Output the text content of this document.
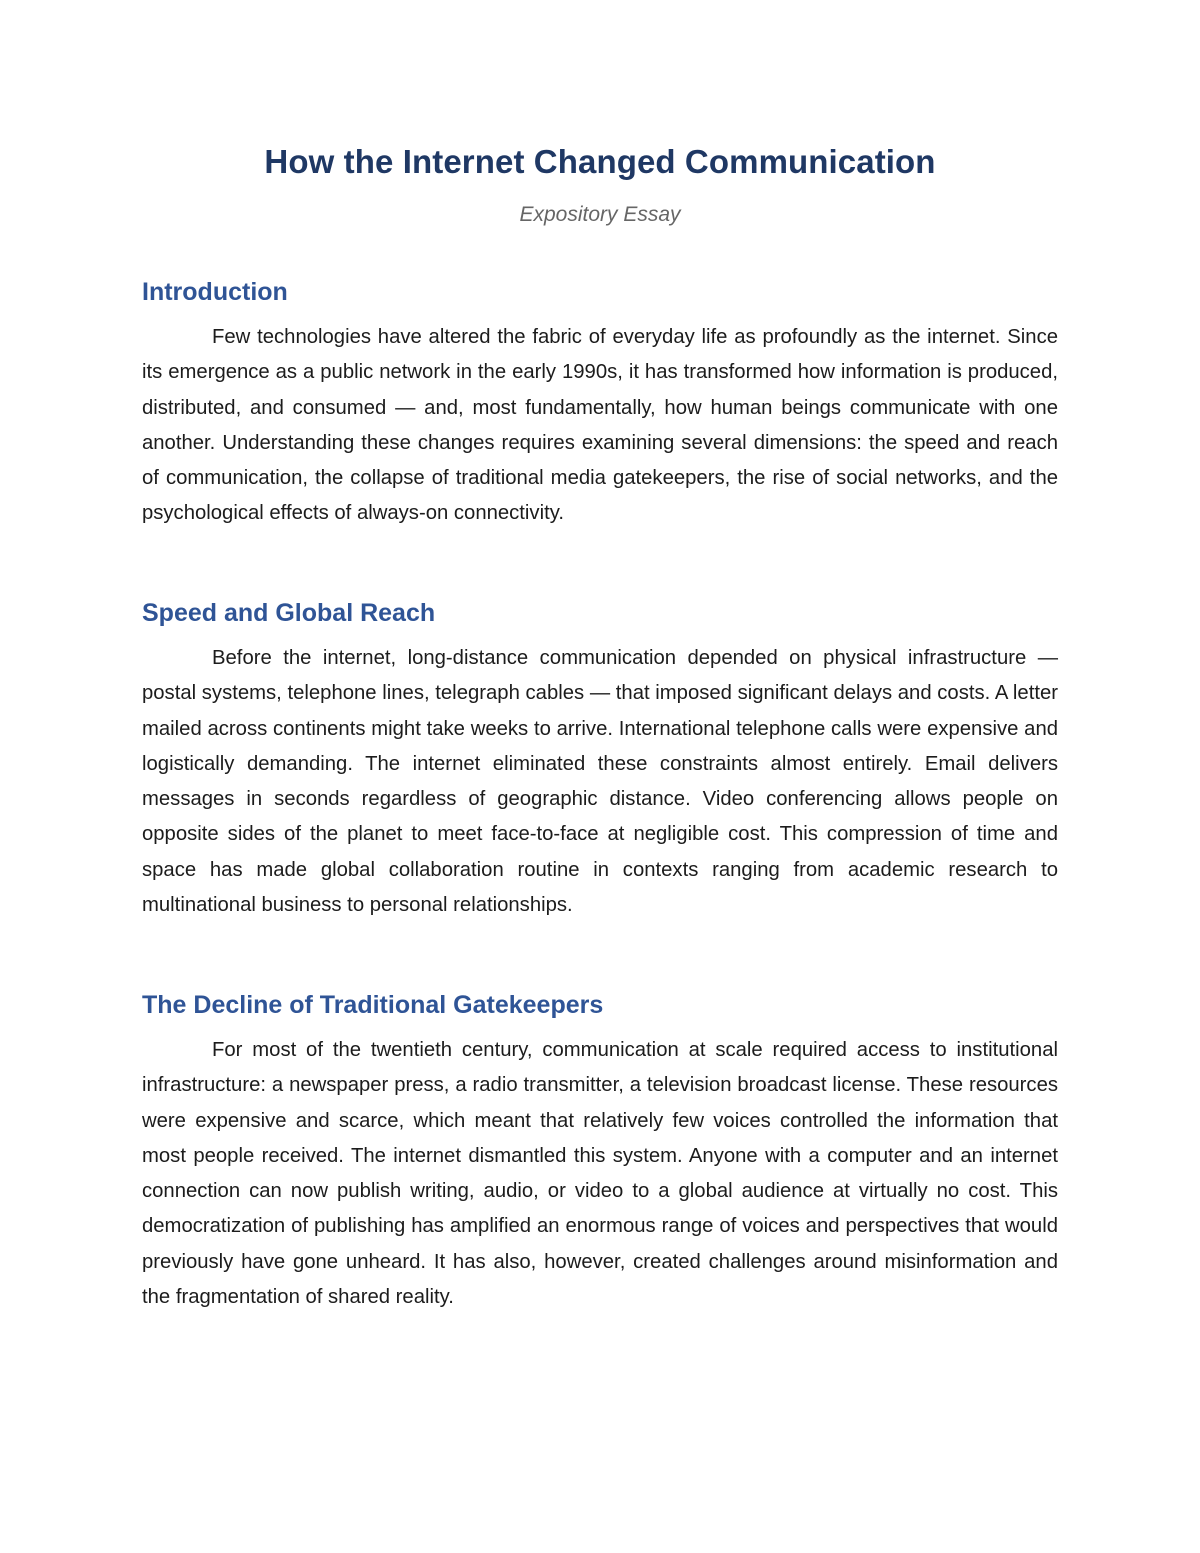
How the Internet Changed Communication

Expository Essay

Introduction

Few technologies have altered the fabric of everyday life as profoundly as the internet. Since its emergence as a public network in the early 1990s, it has transformed how information is produced, distributed, and consumed — and, most fundamentally, how human beings communicate with one another. Understanding these changes requires examining several dimensions: the speed and reach of communication, the collapse of traditional media gatekeepers, the rise of social networks, and the psychological effects of always-on connectivity.

Speed and Global Reach

Before the internet, long-distance communication depended on physical infrastructure — postal systems, telephone lines, telegraph cables — that imposed significant delays and costs. A letter mailed across continents might take weeks to arrive. International telephone calls were expensive and logistically demanding. The internet eliminated these constraints almost entirely. Email delivers messages in seconds regardless of geographic distance. Video conferencing allows people on opposite sides of the planet to meet face-to-face at negligible cost. This compression of time and space has made global collaboration routine in contexts ranging from academic research to multinational business to personal relationships.

The Decline of Traditional Gatekeepers

For most of the twentieth century, communication at scale required access to institutional infrastructure: a newspaper press, a radio transmitter, a television broadcast license. These resources were expensive and scarce, which meant that relatively few voices controlled the information that most people received. The internet dismantled this system. Anyone with a computer and an internet connection can now publish writing, audio, or video to a global audience at virtually no cost. This democratization of publishing has amplified an enormous range of voices and perspectives that would previously have gone unheard. It has also, however, created challenges around misinformation and the fragmentation of shared reality.
